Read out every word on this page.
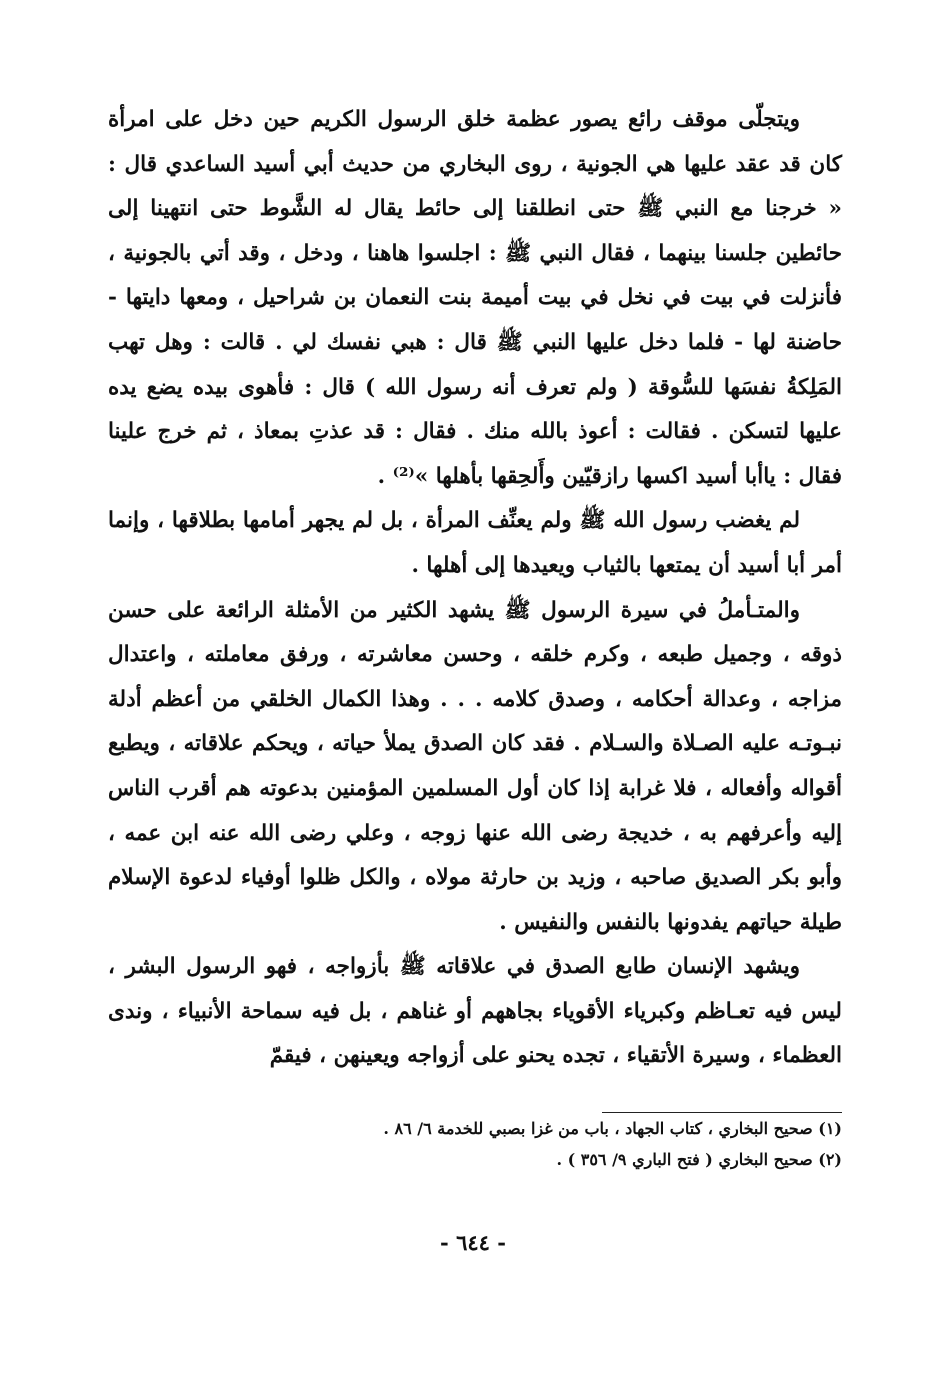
ويتجلّى موقف رائع يصور عظمة خلق الرسول الكريم حين دخل على امرأة كان قد عقد عليها هي الجونية ، روى البخاري من حديث أبي أسيد الساعدي قال : « خرجنا مع النبي ﷺ حتى انطلقنا إلى حائط يقال له الشَّوط حتى انتهينا إلى حائطين جلسنا بينهما ، فقال النبي ﷺ : اجلسوا هاهنا ، ودخل ، وقد أتي بالجونية ، فأنزلت في بيت في نخل في بيت أميمة بنت النعمان بن شراحيل ، ومعها دايتها - حاضنة لها - فلما دخل عليها النبي ﷺ قال : هبي نفسك لي . قالت : وهل تهب المَلِكةُ نفسَها للسُّوقة ( ولم تعرف أنه رسول الله ) قال : فأهوى بيده يضع يده عليها لتسكن . فقالت : أعوذ بالله منك . فقال : قد عذتِ بمعاذ ، ثم خرج علينا فقال : ياأبا أسيد اكسها رازقيّين وأَلحِقها بأهلها »⁽²⁾ .

لم يغضب رسول الله ﷺ ولم يعنِّف المرأة ، بل لم يجهر أمامها بطلاقها ، وإنما أمر أبا أسيد أن يمتعها بالثياب ويعيدها إلى أهلها .

والمتـأملُ في سيرة الرسول ﷺ يشهد الكثير من الأمثلة الرائعة على حسن ذوقه ، وجميل طبعه ، وكرم خلقه ، وحسن معاشرته ، ورفق معاملته ، واعتدال مزاجه ، وعدالة أحكامه ، وصدق كلامه . . . وهذا الكمال الخلقي من أعظم أدلة نبـوتـه عليه الصـلاة والسـلام . فقد كان الصدق يملأ حياته ، ويحكم علاقاته ، ويطبع أقواله وأفعاله ، فلا غرابة إذا كان أول المسلمين المؤمنين بدعوته هم أقرب الناس إليه وأعرفهم به ، خديجة رضى الله عنها زوجه ، وعلي رضى الله عنه ابن عمه ، وأبو بكر الصديق صاحبه ، وزيد بن حارثة مولاه ، والكل ظلوا أوفياء لدعوة الإسلام طيلة حياتهم يفدونها بالنفس والنفيس .

ويشهد الإنسان طابع الصدق في علاقاته ﷺ بأزواجه ، فهو الرسول البشر ، ليس فيه تعـاظم وكبرياء الأقوياء بجاههم أو غناهم ، بل فيه سماحة الأنبياء ، وندى العظماء ، وسيرة الأتقياء ، تجده يحنو على أزواجه ويعينهن ، فيقمّ

(١) صحيح البخاري ، كتاب الجهاد ، باب من غزا بصبي للخدمة ٦/ ٨٦ .

(٢) صحيح البخاري ( فتح الباري ٩/ ٣٥٦ ) .

- ٦٤٤ -
